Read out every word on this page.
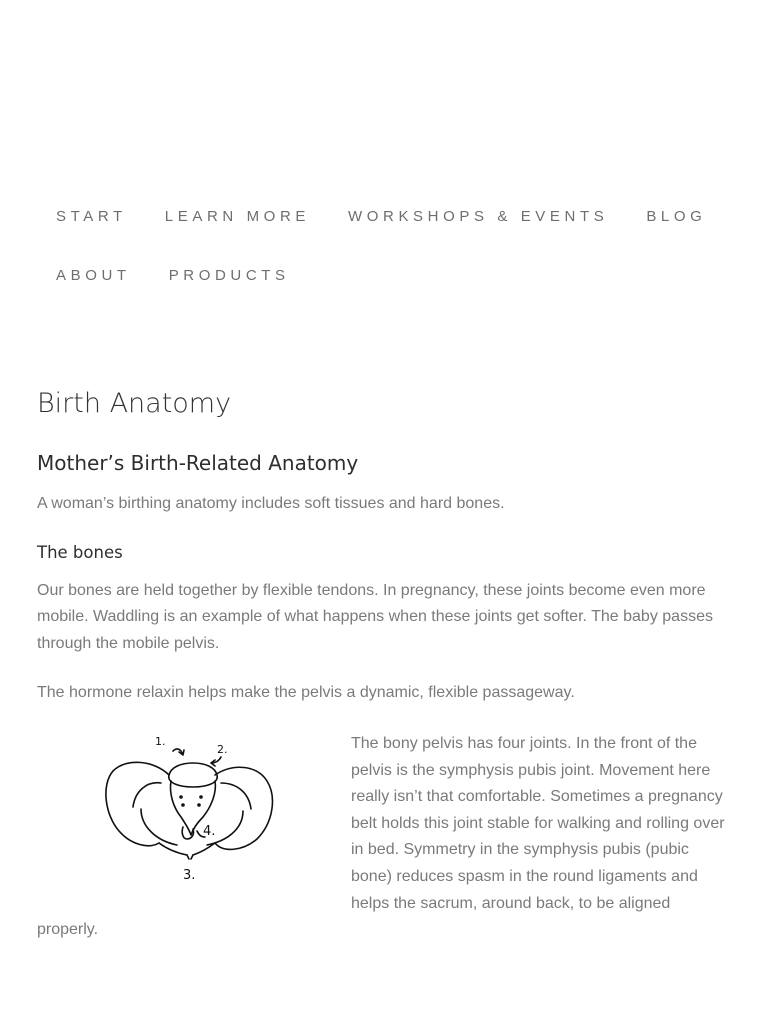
START	LEARN MORE	WORKSHOPS & EVENTS	BLOG
ABOUT	PRODUCTS
Birth Anatomy
Mother’s Birth-Related Anatomy

A woman’s birthing anatomy includes soft tissues and hard bones.

The bones

Our bones are held together by flexible tendons. In pregnancy, these joints become even more mobile. Waddling is an example of what happens when these joints get softer. The baby passes through the mobile pelvis.

The hormone relaxin helps make the pelvis a dynamic, flexible passageway.

1.
2.
3.
4.

The bony pelvis has four joints. In the front of the pelvis is the symphysis pubis joint. Movement here really isn’t that comfortable. Sometimes a pregnancy belt holds this joint stable for walking and rolling over in bed. Symmetry in the symphysis pubis (pubic bone) reduces spasm in the round ligaments and helps the sacrum, around back, to be aligned properly.
